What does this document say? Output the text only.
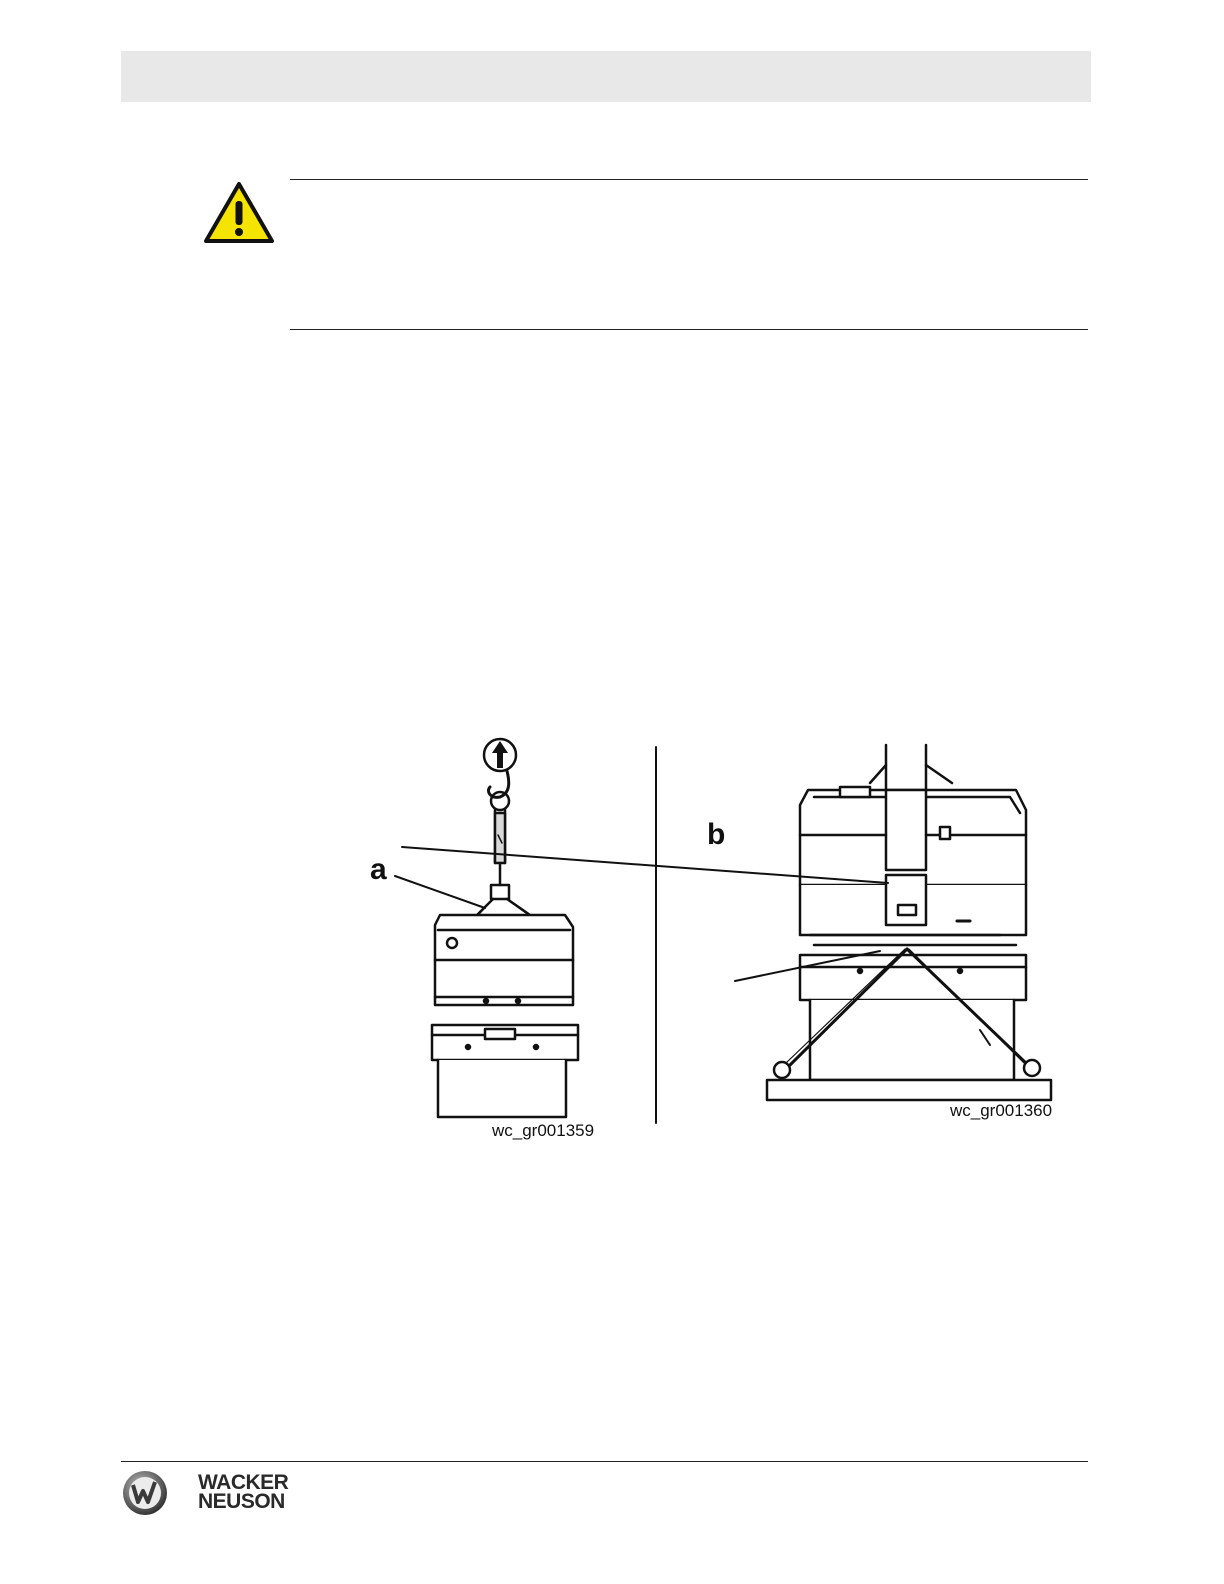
a
b
wc_gr001359
wc_gr001360
WACKER
NEUSON
